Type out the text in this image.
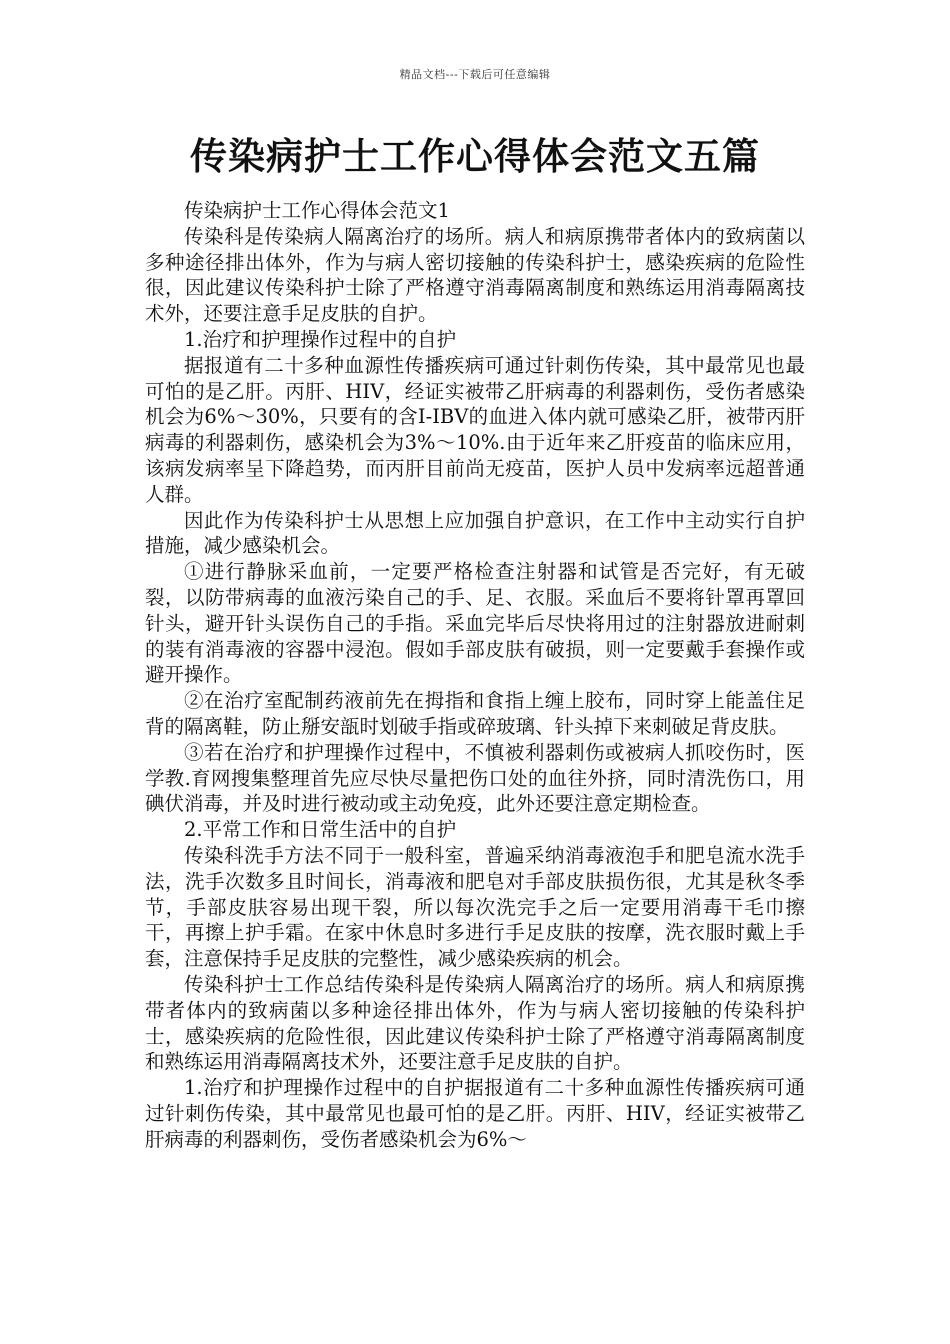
精品文档---下载后可任意编辑
传染病护士工作心得体会范文五篇

传染病护士工作心得体会范文1

传染科是传染病人隔离治疗的场所。病人和病原携带者体内的致病菌以多种途径排出体外，作为与病人密切接触的传染科护士，感染疾病的危险性很，因此建议传染科护士除了严格遵守消毒隔离制度和熟练运用消毒隔离技术外，还要注意手足皮肤的自护。

1.治疗和护理操作过程中的自护

据报道有二十多种血源性传播疾病可通过针刺伤传染，其中最常见也最可怕的是乙肝。丙肝、HIV，经证实被带乙肝病毒的利器刺伤，受伤者感染机会为6%～30%，只要有的含I-IBV的血进入体内就可感染乙肝，被带丙肝病毒的利器刺伤，感染机会为3%～10%.由于近年来乙肝疫苗的临床应用，该病发病率呈下降趋势，而丙肝目前尚无疫苗，医护人员中发病率远超普通人群。

因此作为传染科护士从思想上应加强自护意识，在工作中主动实行自护措施，减少感染机会。

①进行静脉采血前，一定要严格检查注射器和试管是否完好，有无破裂，以防带病毒的血液污染自己的手、足、衣服。采血后不要将针罩再罩回针头，避开针头误伤自己的手指。采血完毕后尽快将用过的注射器放进耐刺的装有消毒液的容器中浸泡。假如手部皮肤有破损，则一定要戴手套操作或避开操作。

②在治疗室配制药液前先在拇指和食指上缠上胶布，同时穿上能盖住足背的隔离鞋，防止掰安瓿时划破手指或碎玻璃、针头掉下来刺破足背皮肤。

③若在治疗和护理操作过程中，不慎被利器刺伤或被病人抓咬伤时，医学教.育网搜集整理首先应尽快尽量把伤口处的血往外挤，同时清洗伤口，用碘伏消毒，并及时进行被动或主动免疫，此外还要注意定期检查。

2.平常工作和日常生活中的自护

传染科洗手方法不同于一般科室，普遍采纳消毒液泡手和肥皂流水洗手法，洗手次数多且时间长，消毒液和肥皂对手部皮肤损伤很，尤其是秋冬季节，手部皮肤容易出现干裂，所以每次洗完手之后一定要用消毒干毛巾擦干，再擦上护手霜。在家中休息时多进行手足皮肤的按摩，洗衣服时戴上手套，注意保持手足皮肤的完整性，减少感染疾病的机会。

传染科护士工作总结传染科是传染病人隔离治疗的场所。病人和病原携带者体内的致病菌以多种途径排出体外，作为与病人密切接触的传染科护士，感染疾病的危险性很，因此建议传染科护士除了严格遵守消毒隔离制度和熟练运用消毒隔离技术外，还要注意手足皮肤的自护。

1.治疗和护理操作过程中的自护据报道有二十多种血源性传播疾病可通过针刺伤传染，其中最常见也最可怕的是乙肝。丙肝、HIV，经证实被带乙肝病毒的利器刺伤，受伤者感染机会为6%～
